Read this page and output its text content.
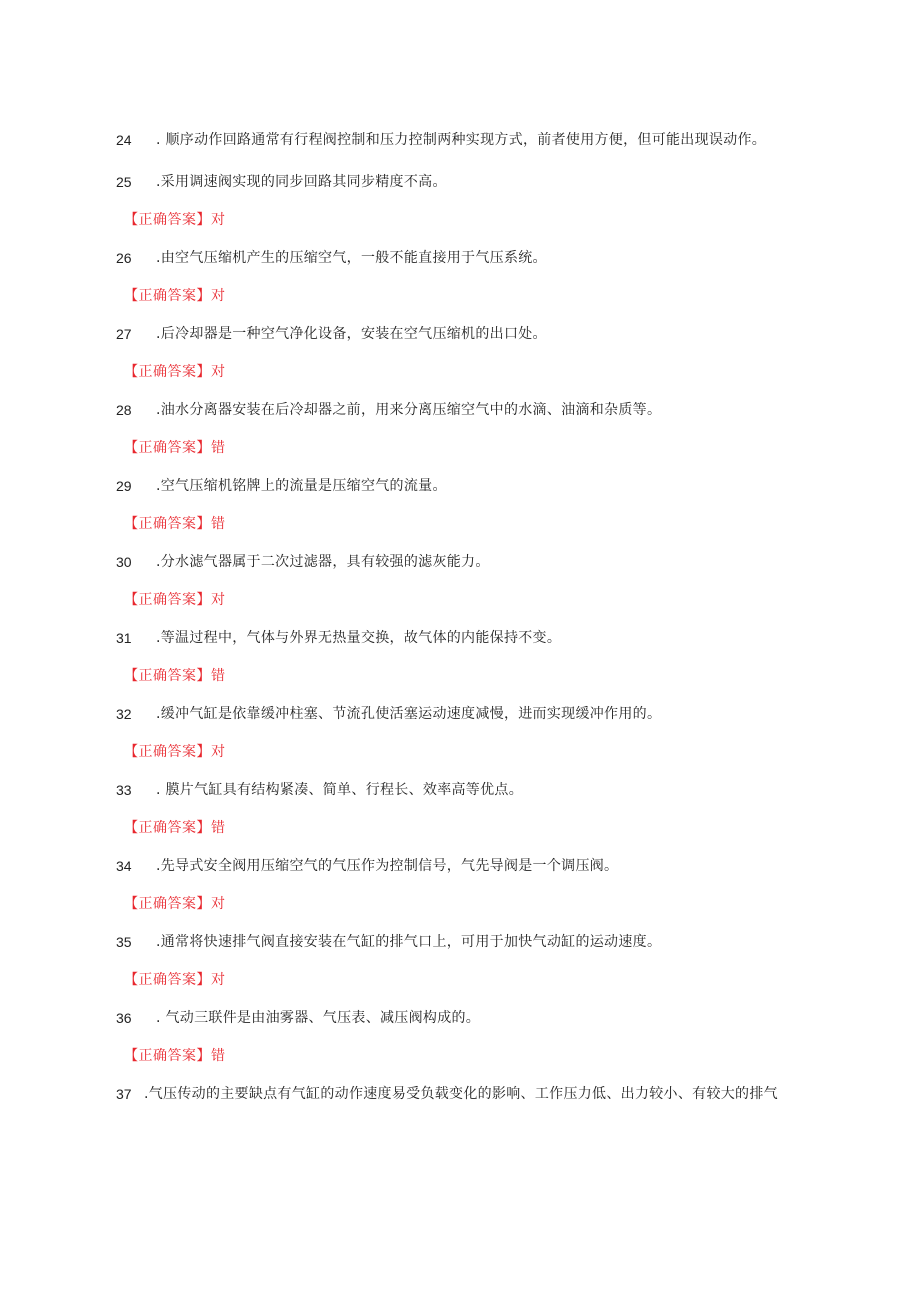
24 . 顺序动作回路通常有行程阀控制和压力控制两种实现方式，前者使用方便，但可能出现误动作。
25 .采用调速阀实现的同步回路其同步精度不高。
【正确答案】对
26 .由空气压缩机产生的压缩空气，一般不能直接用于气压系统。
【正确答案】对
27 .后冷却器是一种空气净化设备，安装在空气压缩机的出口处。
【正确答案】对
28 .油水分离器安装在后冷却器之前，用来分离压缩空气中的水滴、油滴和杂质等。
【正确答案】错
29 .空气压缩机铭牌上的流量是压缩空气的流量。
【正确答案】错
30 .分水滤气器属于二次过滤器，具有较强的滤灰能力。
【正确答案】对
31 .等温过程中，气体与外界无热量交换，故气体的内能保持不变。
【正确答案】错
32 .缓冲气缸是依靠缓冲柱塞、节流孔使活塞运动速度减慢，进而实现缓冲作用的。
【正确答案】对
33 . 膜片气缸具有结构紧凑、简单、行程长、效率高等优点。
【正确答案】错
34 .先导式安全阀用压缩空气的气压作为控制信号，气先导阀是一个调压阀。
【正确答案】对
35 .通常将快速排气阀直接安装在气缸的排气口上，可用于加快气动缸的运动速度。
【正确答案】对
36 . 气动三联件是由油雾器、气压表、减压阀构成的。
【正确答案】错
37 .气压传动的主要缺点有气缸的动作速度易受负载变化的影响、工作压力低、出力较小、有较大的排气
